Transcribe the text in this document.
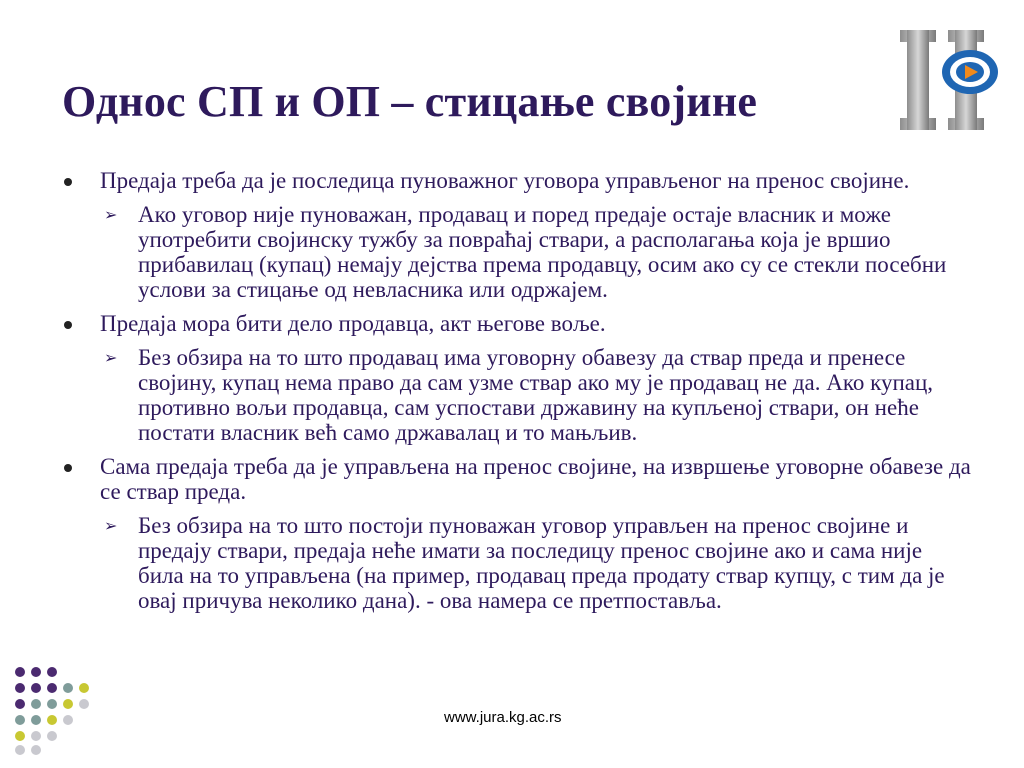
Однос СП и ОП – стицање својине
Предаја треба да је последица пуноважног уговора управљеног на пренос својине.
➢ Ако уговор није пуноважан, продавац и поред предаје остаје власник и може употребити својинску тужбу за повраћај ствари, а располагања која је вршио прибавилац (купац) немају дејства према продавцу, осим ако су се стекли посебни услови за стицање од невласника или одржајем.
Предаја мора бити дело продавца, акт његове воље.
➢ Без обзира на то што продавац има уговорну обавезу да ствар преда и пренесе својину, купац нема право да сам узме ствар ако му је продавац не да. Ако купац, противно вољи продавца, сам успостави државину на купљеној ствари, он неће постати власник већ само државалац и то мањљив.
Сама предаја треба да је управљена на пренос својине, на извршење уговорне обавезе да се ствар преда.
➢ Без обзира на то што постоји пуноважан уговор управљен на пренос својине и предају ствари, предаја неће имати за последицу пренос својине ако и сама није била на то управљена (на пример, продавац преда продату ствар купцу, с тим да је овај причува неколико дана). - ова намера се претпоставља.
www.jura.kg.ac.rs
